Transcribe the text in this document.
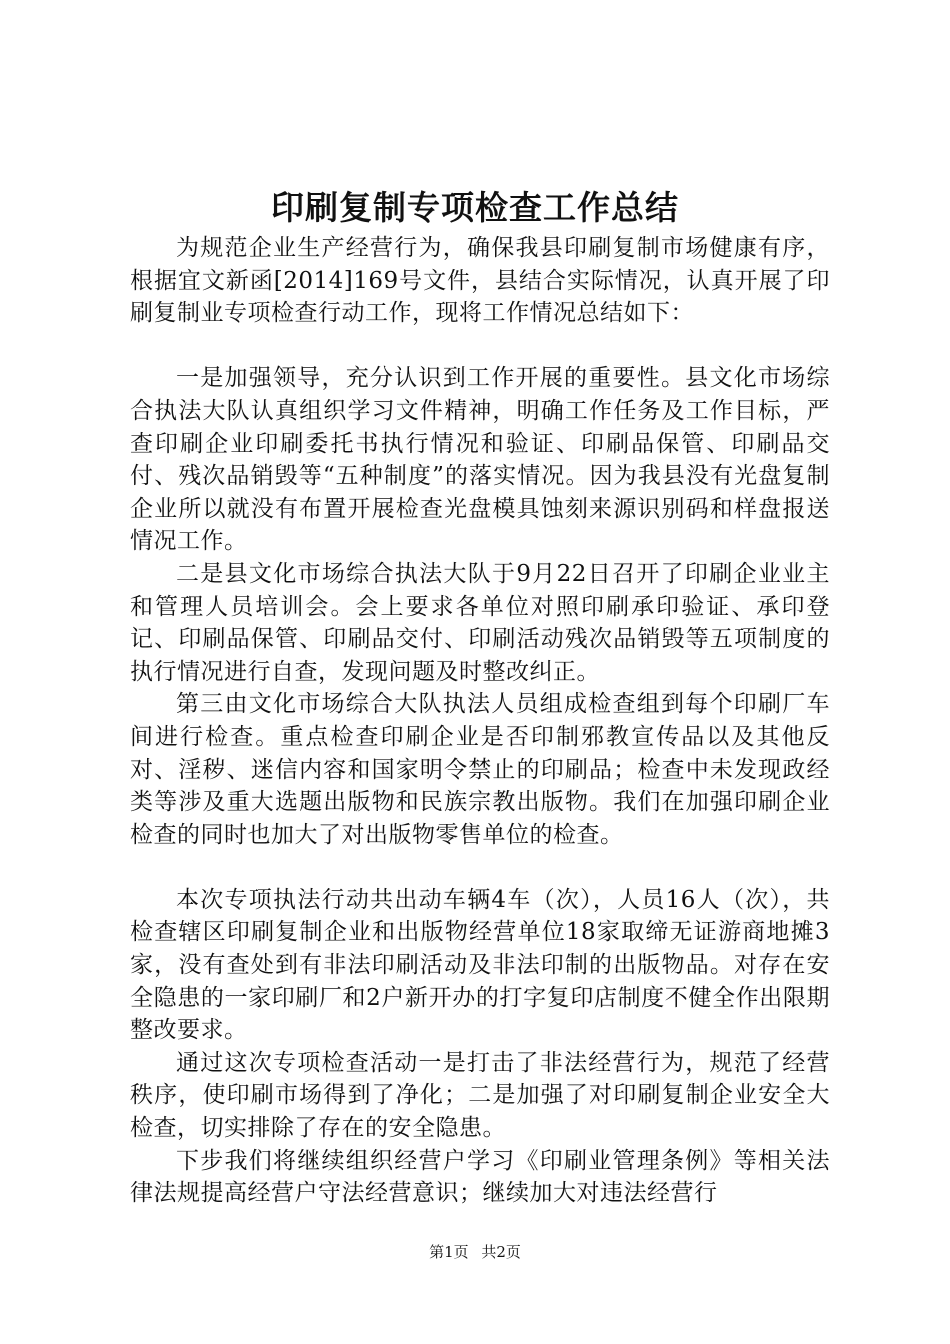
印刷复制专项检查工作总结

为规范企业生产经营行为，确保我县印刷复制市场健康有序，根据宜文新函[2014]169号文件，县结合实际情况，认真开展了印刷复制业专项检查行动工作，现将工作情况总结如下：

一是加强领导，充分认识到工作开展的重要性。县文化市场综合执法大队认真组织学习文件精神，明确工作任务及工作目标，严查印刷企业印刷委托书执行情况和验证、印刷品保管、印刷品交付、残次品销毁等“五种制度”的落实情况。因为我县没有光盘复制企业所以就没有布置开展检查光盘模具蚀刻来源识别码和样盘报送情况工作。

二是县文化市场综合执法大队于9月22日召开了印刷企业业主和管理人员培训会。会上要求各单位对照印刷承印验证、承印登记、印刷品保管、印刷品交付、印刷活动残次品销毁等五项制度的执行情况进行自查，发现问题及时整改纠正。

第三由文化市场综合大队执法人员组成检查组到每个印刷厂车间进行检查。重点检查印刷企业是否印制邪教宣传品以及其他反对、淫秽、迷信内容和国家明令禁止的印刷品；检查中未发现政经类等涉及重大选题出版物和民族宗教出版物。我们在加强印刷企业检查的同时也加大了对出版物零售单位的检查。

本次专项执法行动共出动车辆4车（次），人员16人（次），共检查辖区印刷复制企业和出版物经营单位18家取缔无证游商地摊3家，没有查处到有非法印刷活动及非法印制的出版物品。对存在安全隐患的一家印刷厂和2户新开办的打字复印店制度不健全作出限期整改要求。

通过这次专项检查活动一是打击了非法经营行为，规范了经营秩序，使印刷市场得到了净化；二是加强了对印刷复制企业安全大检查，切实排除了存在的安全隐患。

下步我们将继续组织经营户学习《印刷业管理条例》等相关法律法规提高经营户守法经营意识；继续加大对违法经营行

第1页 共2页
